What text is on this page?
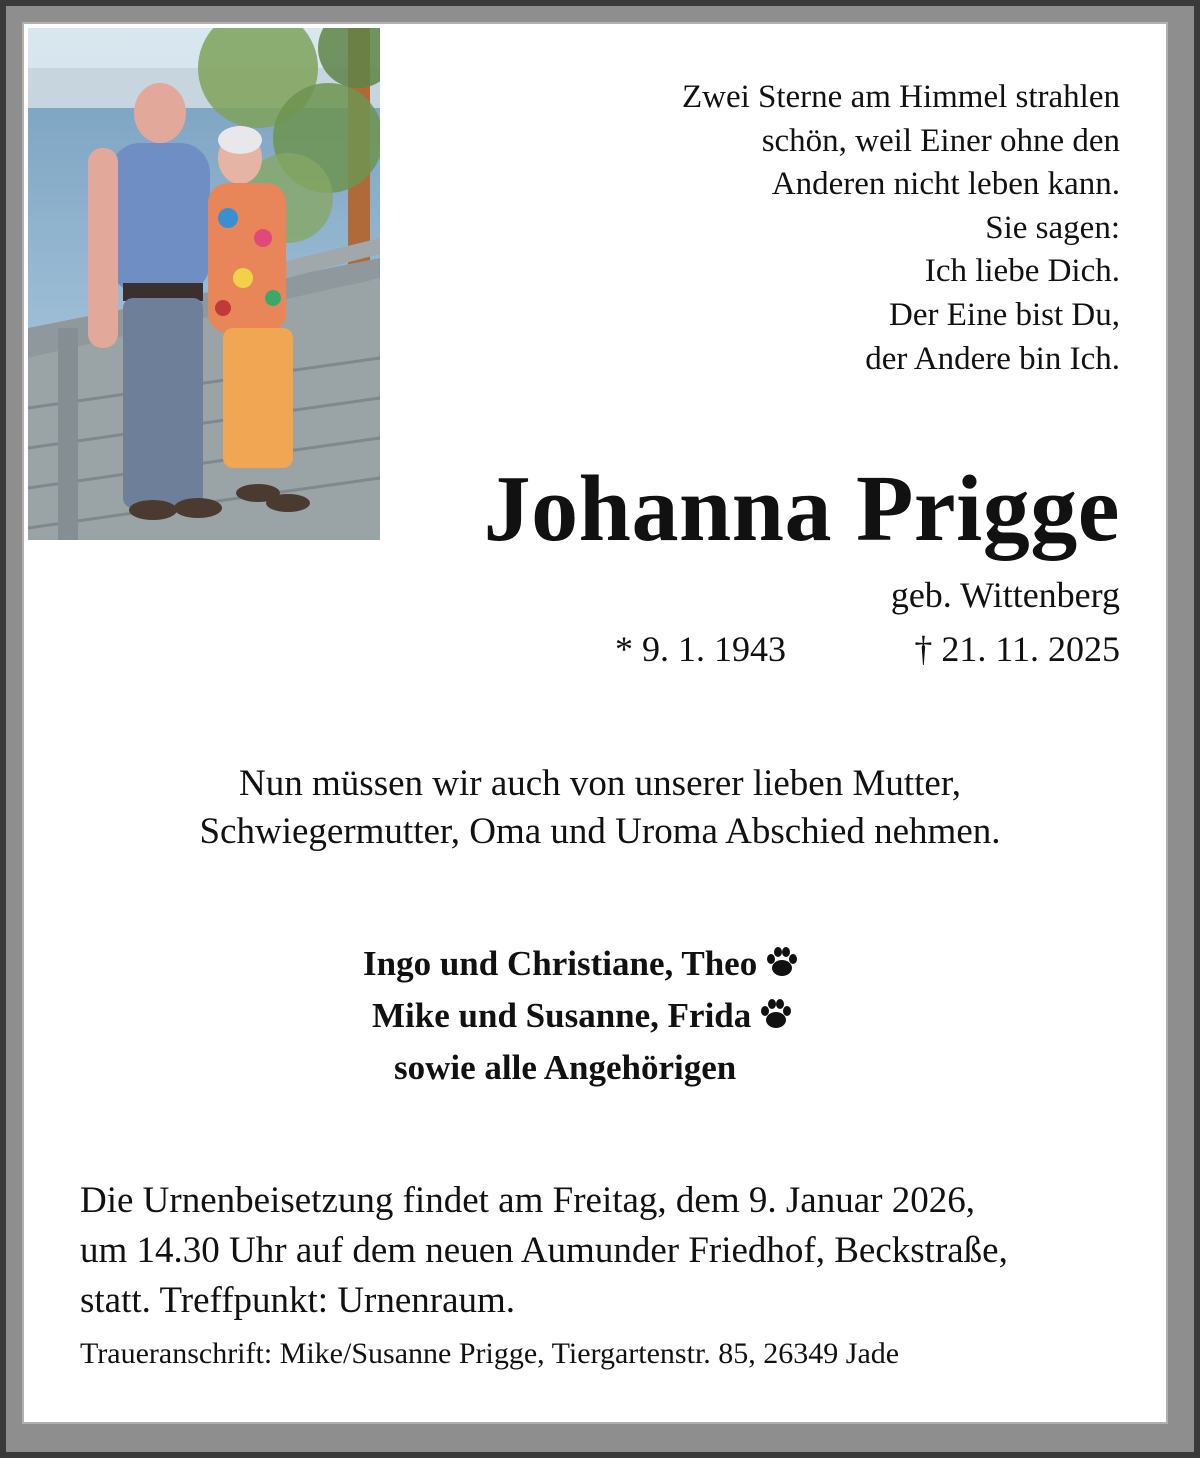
Zwei Sterne am Himmel strahlen
schön, weil Einer ohne den
Anderen nicht leben kann.
Sie sagen:
Ich liebe Dich.
Der Eine bist Du,
der Andere bin Ich.
Johanna Prigge
geb. Wittenberg
* 9. 1. 1943	† 21. 11. 2025
Nun müssen wir auch von unserer lieben Mutter,
Schwiegermutter, Oma und Uroma Abschied nehmen.
Ingo und Christiane, Theo
Mike und Susanne, Frida
sowie alle Angehörigen
Die Urnenbeisetzung findet am Freitag, dem 9. Januar 2026,
um 14.30 Uhr auf dem neuen Aumunder Friedhof, Beckstraße,
statt. Treffpunkt: Urnenraum.
Traueranschrift: Mike/Susanne Prigge, Tiergartenstr. 85, 26349 Jade
